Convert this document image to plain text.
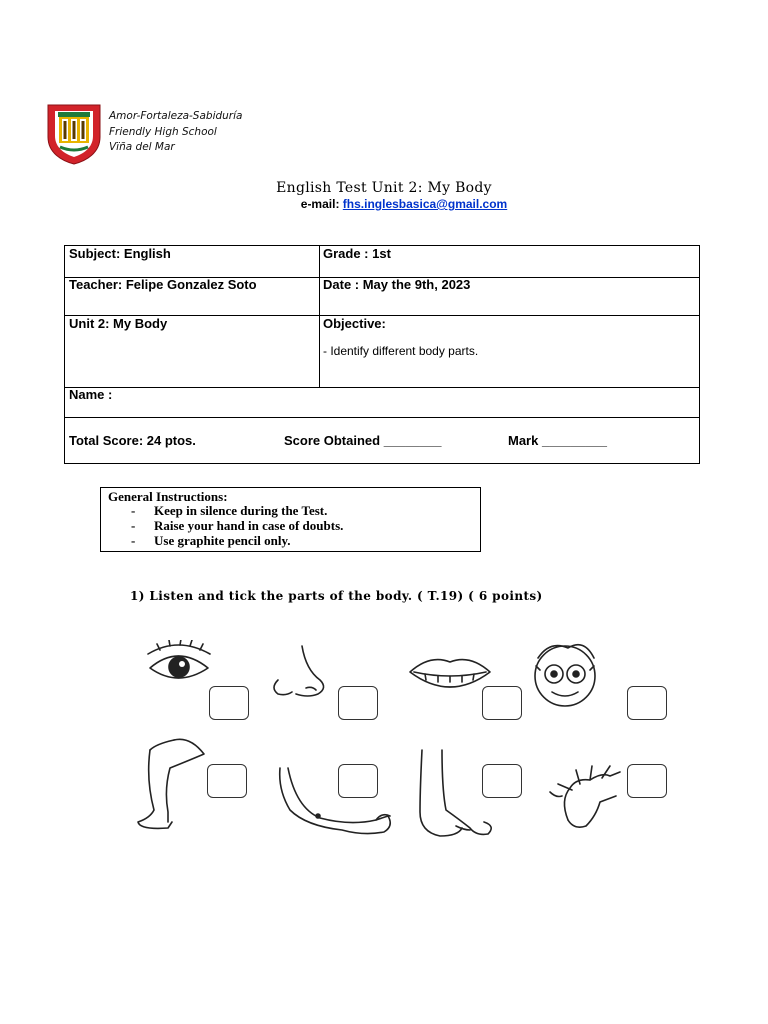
Amor-Fortaleza-Sabiduría
Friendly High School
Vïña del Mar
English Test Unit 2: My Body
e-mail: fhs.inglesbasica@gmail.com
Subject: English	Grade : 1st
Teacher: Felipe Gonzalez Soto	Date : May the 9th, 2023
Unit 2: My Body	Objective:
- Identify different body parts.
Name :
Total Score: 24 ptos.	Score Obtained ________	Mark _________
General Instructions:
- Keep in silence during the Test.
- Raise your hand in case of doubts.
- Use graphite pencil only.
1) Listen and tick the parts of the body. ( T.19) ( 6 points)
